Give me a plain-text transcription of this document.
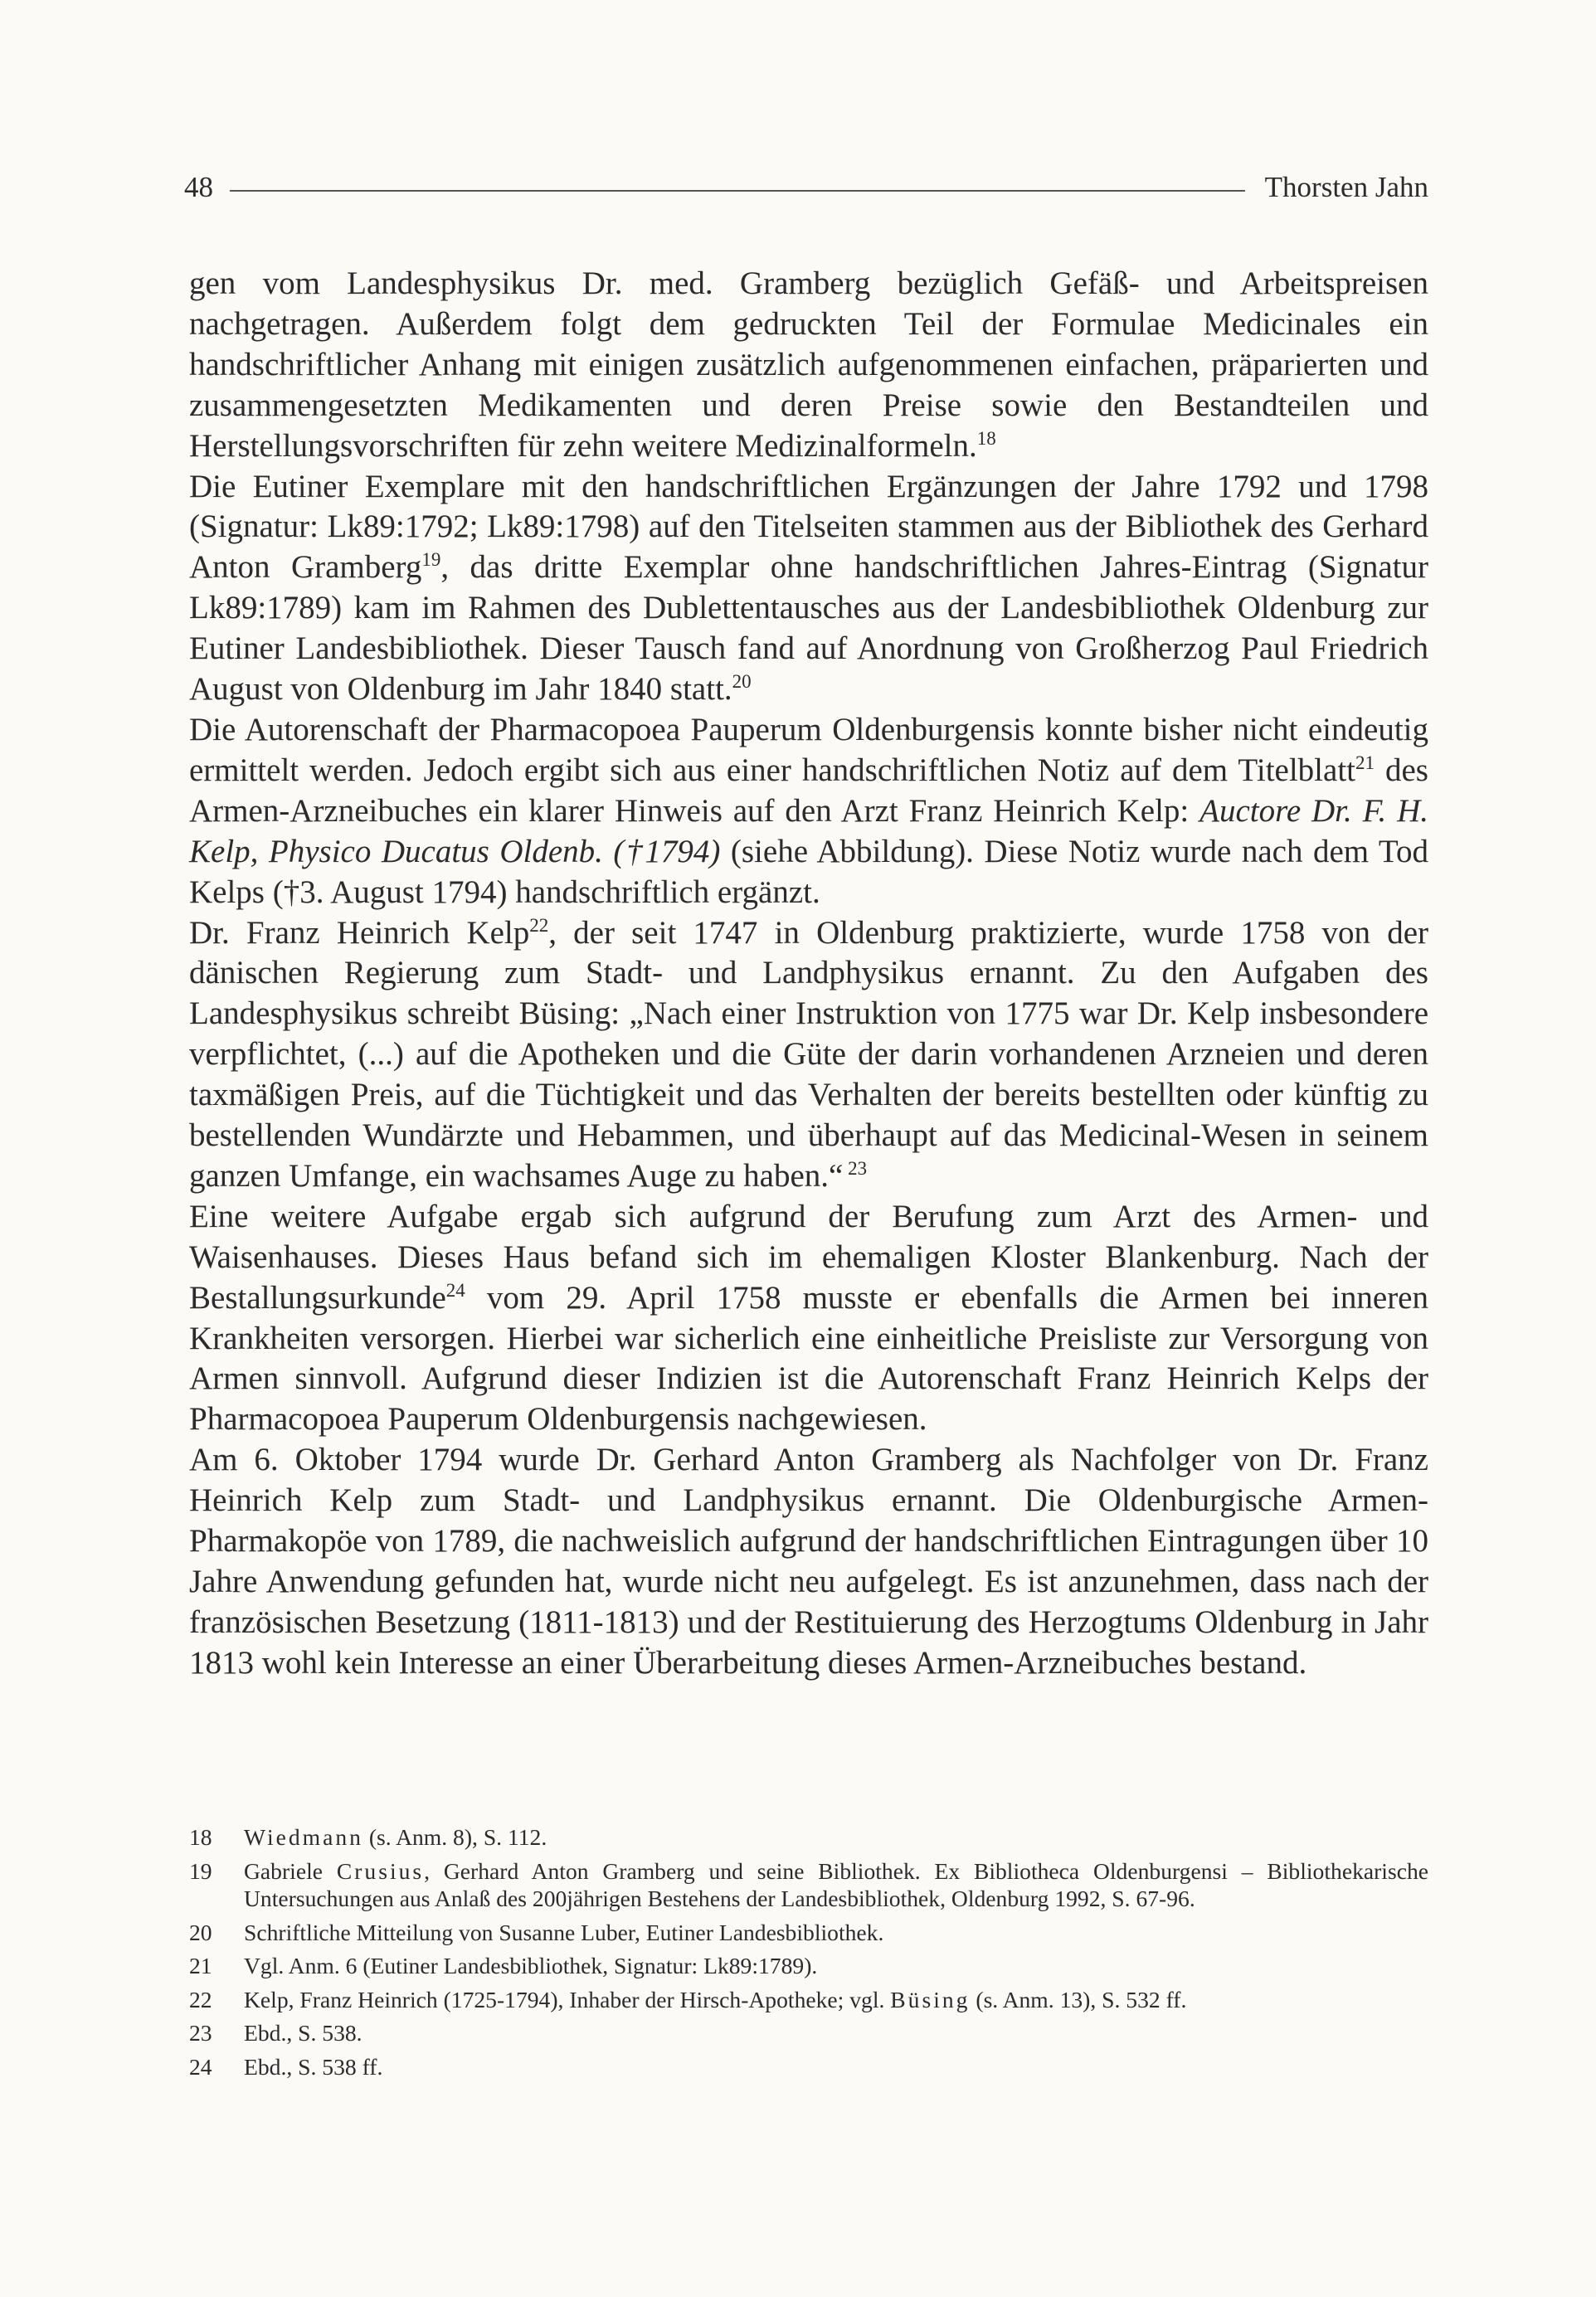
48	Thorsten Jahn

gen vom Landesphysikus Dr. med. Gramberg bezüglich Gefäß- und Arbeitspreisen nachgetragen. Außerdem folgt dem gedruckten Teil der Formulae Medicinales ein handschriftlicher Anhang mit einigen zusätzlich aufgenommenen einfachen, präparierten und zusammengesetzten Medikamenten und deren Preise sowie den Bestandteilen und Herstellungsvorschriften für zehn weitere Medizinalformeln.$^{18}$

Die Eutiner Exemplare mit den handschriftlichen Ergänzungen der Jahre 1792 und 1798 (Signatur: Lk89:1792; Lk89:1798) auf den Titelseiten stammen aus der Bibliothek des Gerhard Anton Gramberg$^{19}$, das dritte Exemplar ohne handschriftlichen Jahres-Eintrag (Signatur Lk89:1789) kam im Rahmen des Dublettentausches aus der Landesbibliothek Oldenburg zur Eutiner Landesbibliothek. Dieser Tausch fand auf Anordnung von Großherzog Paul Friedrich August von Oldenburg im Jahr 1840 statt.$^{20}$

Die Autorenschaft der Pharmacopoea Pauperum Oldenburgensis konnte bisher nicht eindeutig ermittelt werden. Jedoch ergibt sich aus einer handschriftlichen Notiz auf dem Titelblatt$^{21}$ des Armen-Arzneibuches ein klarer Hinweis auf den Arzt Franz Heinrich Kelp: Auctore Dr. F. H. Kelp, Physico Ducatus Oldenb. (†1794) (siehe Abbildung). Diese Notiz wurde nach dem Tod Kelps (†3. August 1794) handschriftlich ergänzt.

Dr. Franz Heinrich Kelp$^{22}$, der seit 1747 in Oldenburg praktizierte, wurde 1758 von der dänischen Regierung zum Stadt- und Landphysikus ernannt. Zu den Aufgaben des Landesphysikus schreibt Büsing: „Nach einer Instruktion von 1775 war Dr. Kelp insbesondere verpflichtet, (...) auf die Apotheken und die Güte der darin vorhandenen Arzneien und deren taxmäßigen Preis, auf die Tüchtigkeit und das Verhalten der bereits bestellten oder künftig zu bestellenden Wundärzte und Hebammen, und überhaupt auf das Medicinal-Wesen in seinem ganzen Umfange, ein wachsames Auge zu haben.“ $^{23}$

Eine weitere Aufgabe ergab sich aufgrund der Berufung zum Arzt des Armen- und Waisenhauses. Dieses Haus befand sich im ehemaligen Kloster Blankenburg. Nach der Bestallungsurkunde$^{24}$ vom 29. April 1758 musste er ebenfalls die Armen bei inneren Krankheiten versorgen. Hierbei war sicherlich eine einheitliche Preisliste zur Versorgung von Armen sinnvoll. Aufgrund dieser Indizien ist die Autorenschaft Franz Heinrich Kelps der Pharmacopoea Pauperum Oldenburgensis nachgewiesen.

Am 6. Oktober 1794 wurde Dr. Gerhard Anton Gramberg als Nachfolger von Dr. Franz Heinrich Kelp zum Stadt- und Landphysikus ernannt. Die Oldenburgische Armen-Pharmakopöe von 1789, die nachweislich aufgrund der handschriftlichen Eintragungen über 10 Jahre Anwendung gefunden hat, wurde nicht neu aufgelegt. Es ist anzunehmen, dass nach der französischen Besetzung (1811-1813) und der Restituierung des Herzogtums Oldenburg in Jahr 1813 wohl kein Interesse an einer Überarbeitung dieses Armen-Arzneibuches bestand.

18	Wiedmann (s. Anm. 8), S. 112.
19	Gabriele Crusius, Gerhard Anton Gramberg und seine Bibliothek. Ex Bibliotheca Oldenburgensi – Bibliothekarische Untersuchungen aus Anlaß des 200jährigen Bestehens der Landesbibliothek, Oldenburg 1992, S. 67-96.
20	Schriftliche Mitteilung von Susanne Luber, Eutiner Landesbibliothek.
21	Vgl. Anm. 6 (Eutiner Landesbibliothek, Signatur: Lk89:1789).
22	Kelp, Franz Heinrich (1725-1794), Inhaber der Hirsch-Apotheke; vgl. Büsing (s. Anm. 13), S. 532 ff.
23	Ebd., S. 538.
24	Ebd., S. 538 ff.
